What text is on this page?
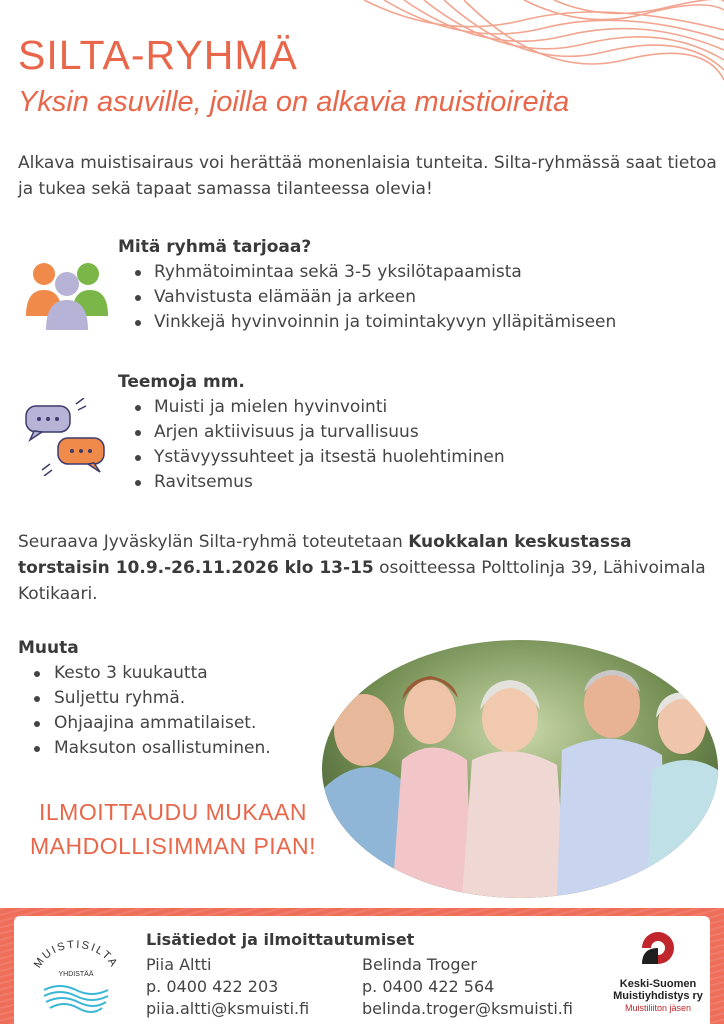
SILTA-RYHMÄ
Yksin asuville, joilla on alkavia muistioireita

Alkava muistisairaus voi herättää monenlaisia tunteita. Silta-ryhmässä saat tietoa ja tukea sekä tapaat samassa tilanteessa olevia!

Mitä ryhmä tarjoaa?
Ryhmätoimintaa sekä 3-5 yksilötapaamista
Vahvistusta elämään ja arkeen
Vinkkejä hyvinvoinnin ja toimintakyvyn ylläpitämiseen
Teemoja mm.
Muisti ja mielen hyvinvointi
Arjen aktiivisuus ja turvallisuus
Ystävyyssuhteet ja itsestä huolehtiminen
Ravitsemus

Seuraava Jyväskylän Silta-ryhmä toteutetaan Kuokkalan keskustassa torstaisin 10.9.-26.11.2026 klo 13-15 osoitteessa Polttolinja 39, Lähivoimala Kotikaari.

Muuta
Kesto 3 kuukautta
Suljettu ryhmä.
Ohjaajina ammatilaiset.
Maksuton osallistuminen.
ILMOITTAUDU MUKAAN
MAHDOLLISIMMAN PIAN!
MUISTISILTA
YHDISTÄÄ
Lisätiedot ja ilmoittautumiset
Piia Altti
p. 0400 422 203
piia.altti@ksmuisti.fi
Belinda Troger
p. 0400 422 564
belinda.troger@ksmuisti.fi
Keski-Suomen
Muistiyhdistys ry
Muistiliiton jäsen
